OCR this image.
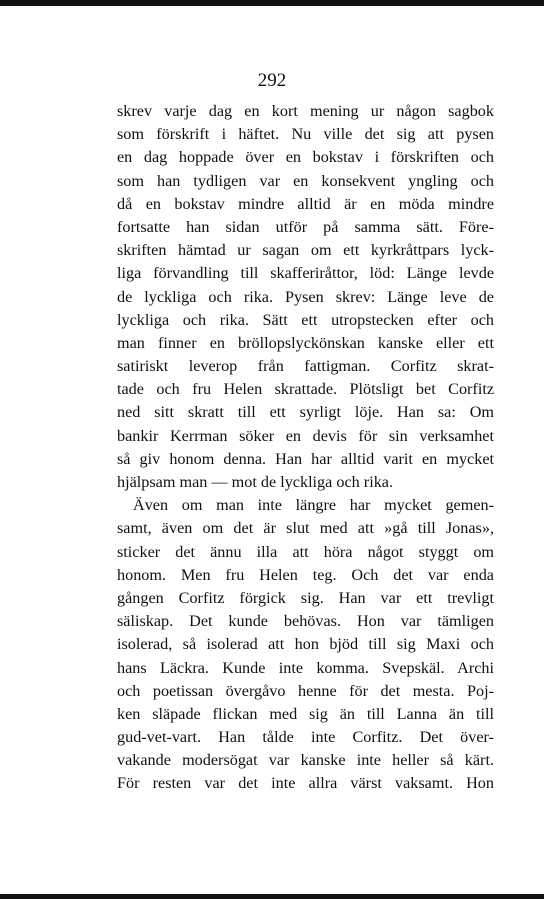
292
skrev varje dag en kort mening ur någon sagbok
som förskrift i häftet. Nu ville det sig att pysen
en dag hoppade över en bokstav i förskriften och
som han tydligen var en konsekvent yngling och
då en bokstav mindre alltid är en möda mindre
fortsatte han sidan utför på samma sätt. Före-
skriften hämtad ur sagan om ett kyrkråttpars lyck-
liga förvandling till skafferiråttor, löd: Länge levde
de lyckliga och rika. Pysen skrev: Länge leve de
lyckliga och rika. Sätt ett utropstecken efter och
man finner en bröllopslyckönskan kanske eller ett
satiriskt leverop från fattigman. Corfitz skrat-
tade och fru Helen skrattade. Plötsligt bet Corfitz
ned sitt skratt till ett syrligt löje. Han sa: Om
bankir Kerrman söker en devis för sin verksamhet
så giv honom denna. Han har alltid varit en mycket
hjälpsam man — mot de lyckliga och rika.
Även om man inte längre har mycket gemen-
samt, även om det är slut med att »gå till Jonas»,
sticker det ännu illa att höra något styggt om
honom. Men fru Helen teg. Och det var enda
gången Corfitz förgick sig. Han var ett trevligt
säliskap. Det kunde behövas. Hon var tämligen
isolerad, så isolerad att hon bjöd till sig Maxi och
hans Läckra. Kunde inte komma. Svepskäl. Archi
och poetissan övergåvo henne för det mesta. Poj-
ken släpade flickan med sig än till Lanna än till
gud-vet-vart. Han tålde inte Corfitz. Det över-
vakande modersögat var kanske inte heller så kärt.
För resten var det inte allra värst vaksamt. Hon
